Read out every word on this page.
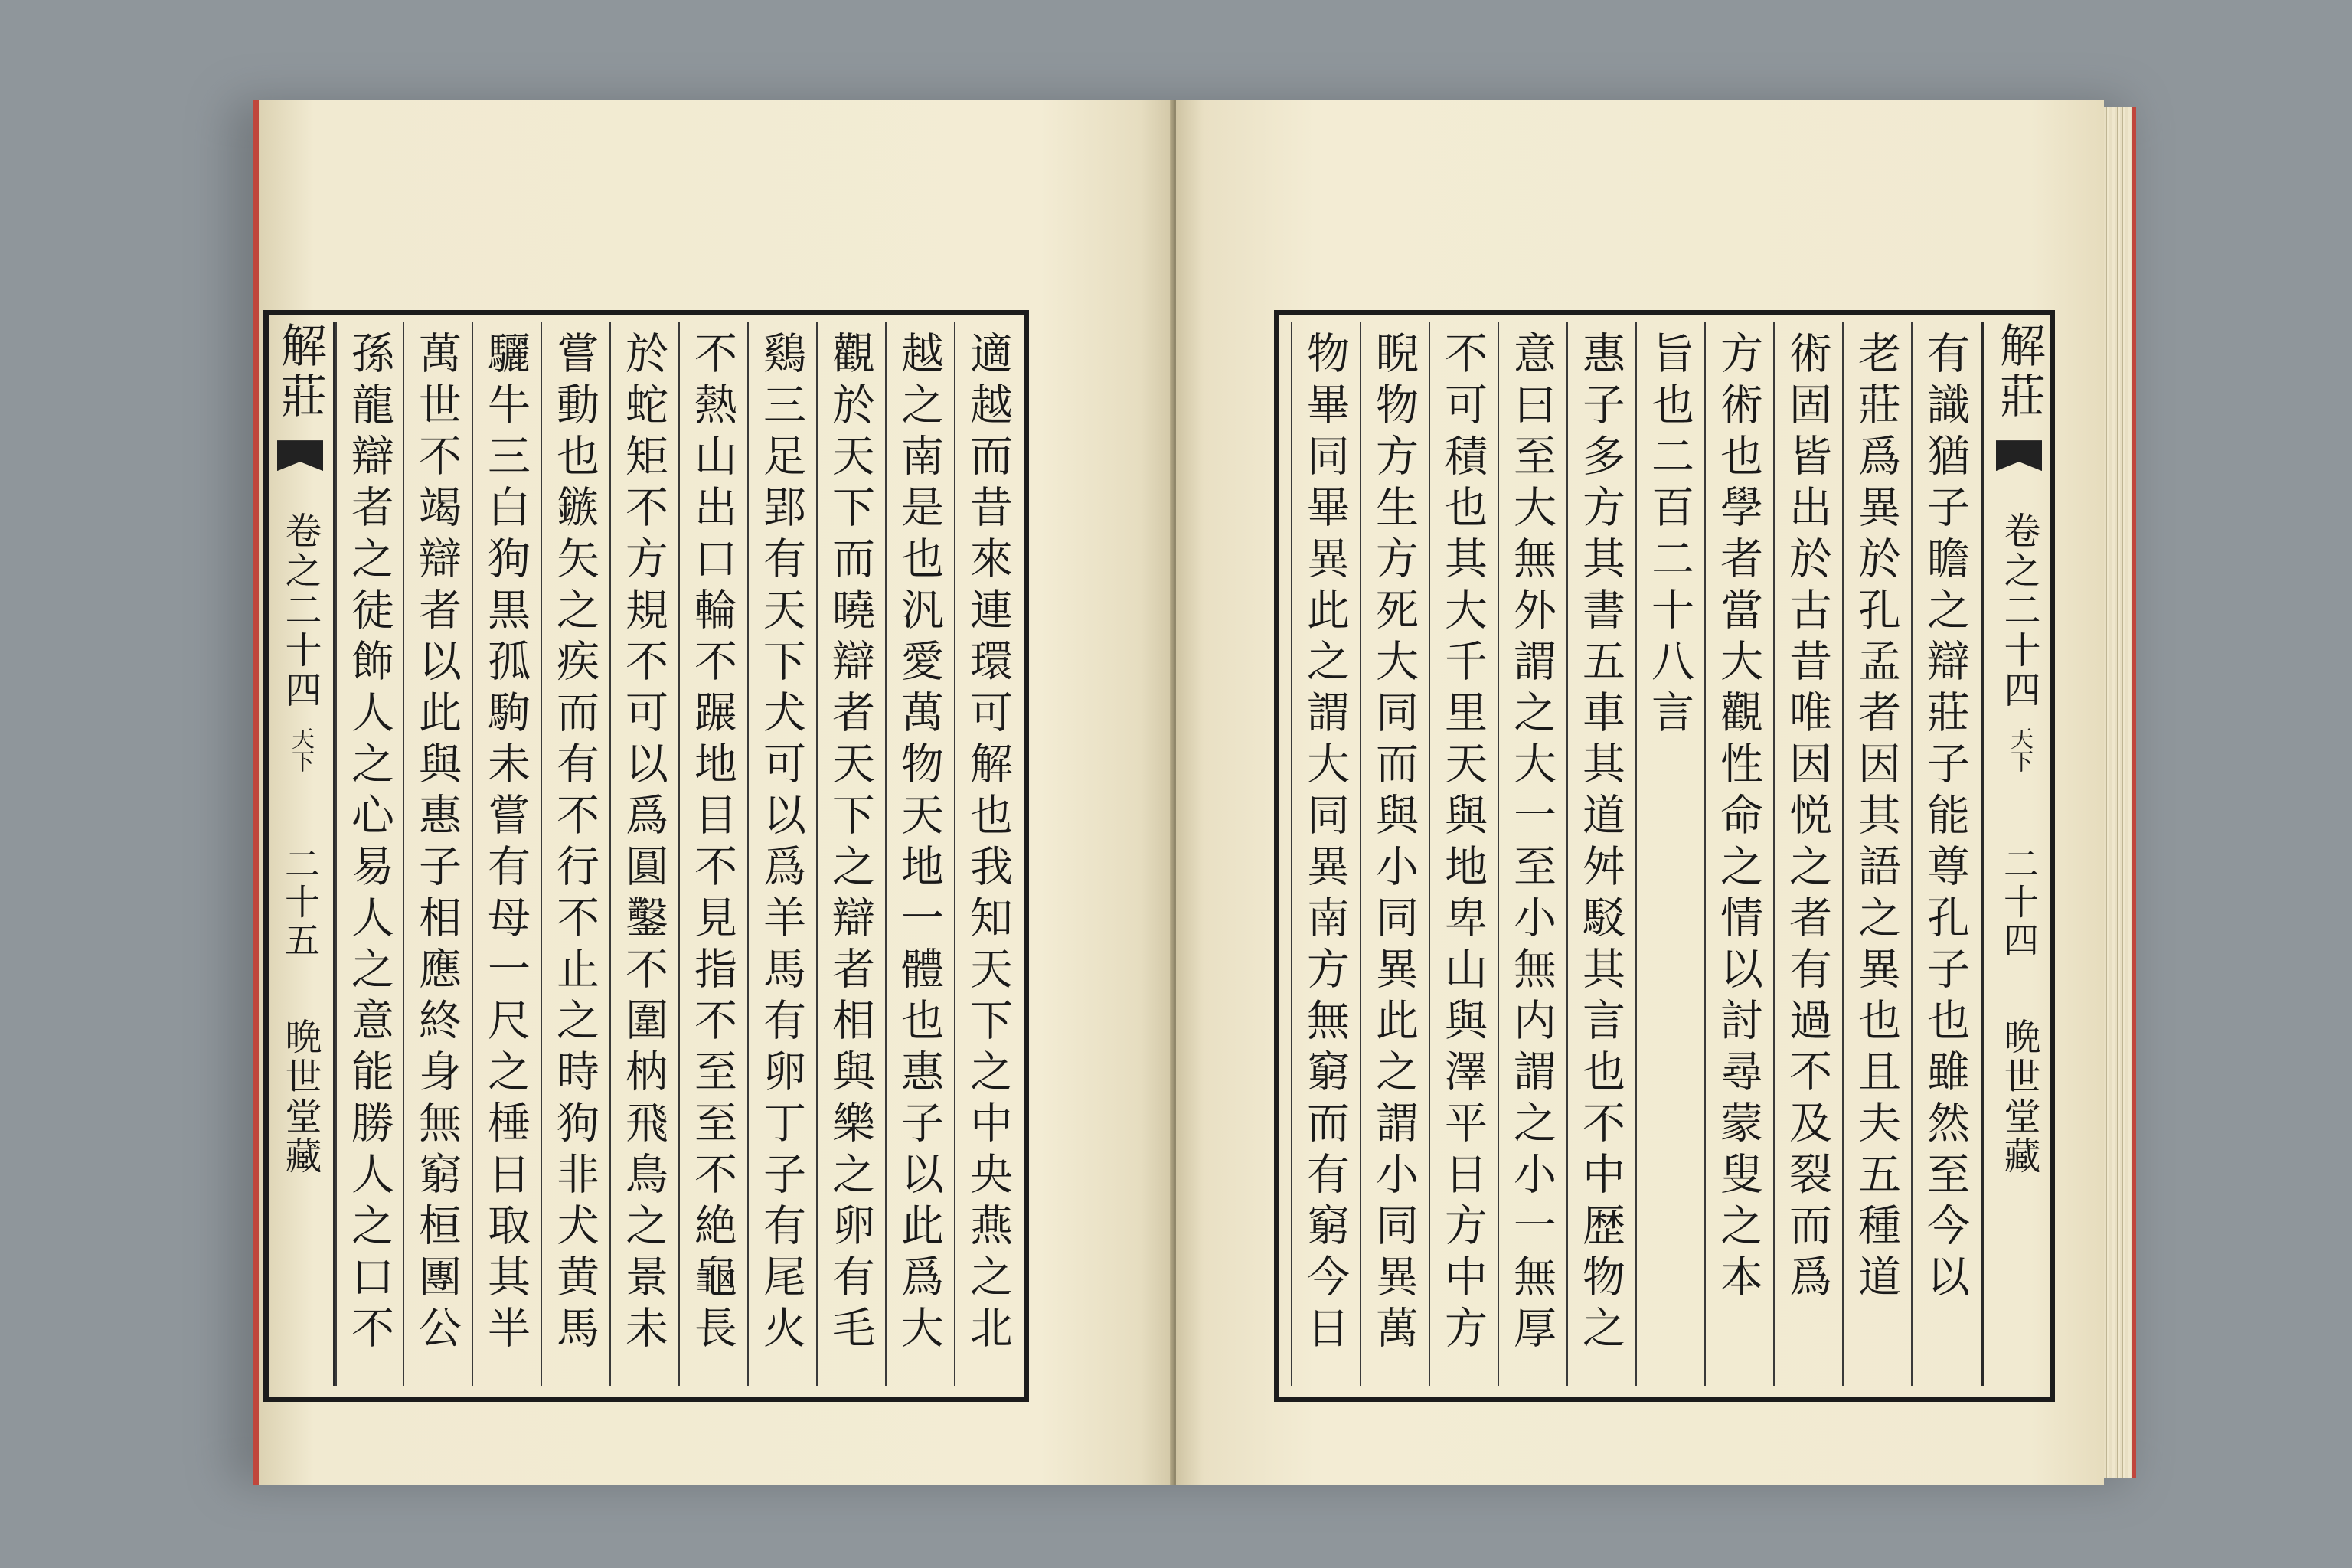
解莊  卷之二十四 天下 二十五 晩世堂藏	適越而昔來連環可解也我知天下之中央燕之北
越之南是也汎愛萬物天地一體也惠子以此爲大
觀於天下而曉辯者天下之辯者相與樂之卵有毛
鷄三足郢有天下犬可以爲羊馬有卵丁子有尾火
不熱山出口輪不蹍地目不見指不至至不絶龜長
於蛇矩不方規不可以爲圓鑿不圍枘飛鳥之景未
嘗動也鏃矢之疾而有不行不止之時狗非犬黄馬
驪牛三白狗黒孤駒未嘗有母一尺之棰日取其半
萬世不竭辯者以此與惠子相應終身無窮桓團公
孫龍辯者之徒飾人之心易人之意能勝人之口不	解莊  卷之二十四 天下 二十四 晩世堂藏
有識猶子瞻之辯莊子能尊孔子也雖然至今以
老莊爲異於孔孟者因其語之異也且夫五種道
術固皆出於古昔唯因悦之者有過不及裂而爲
方術也學者當大觀性命之情以討尋蒙叟之本
旨也二百二十八言
惠子多方其書五車其道舛駁其言也不中歴物之
意曰至大無外謂之大一至小無内謂之小一無厚
不可積也其大千里天與地卑山與澤平日方中方
睨物方生方死大同而與小同異此之謂小同異萬
物畢同畢異此之謂大同異南方無窮而有窮今日
